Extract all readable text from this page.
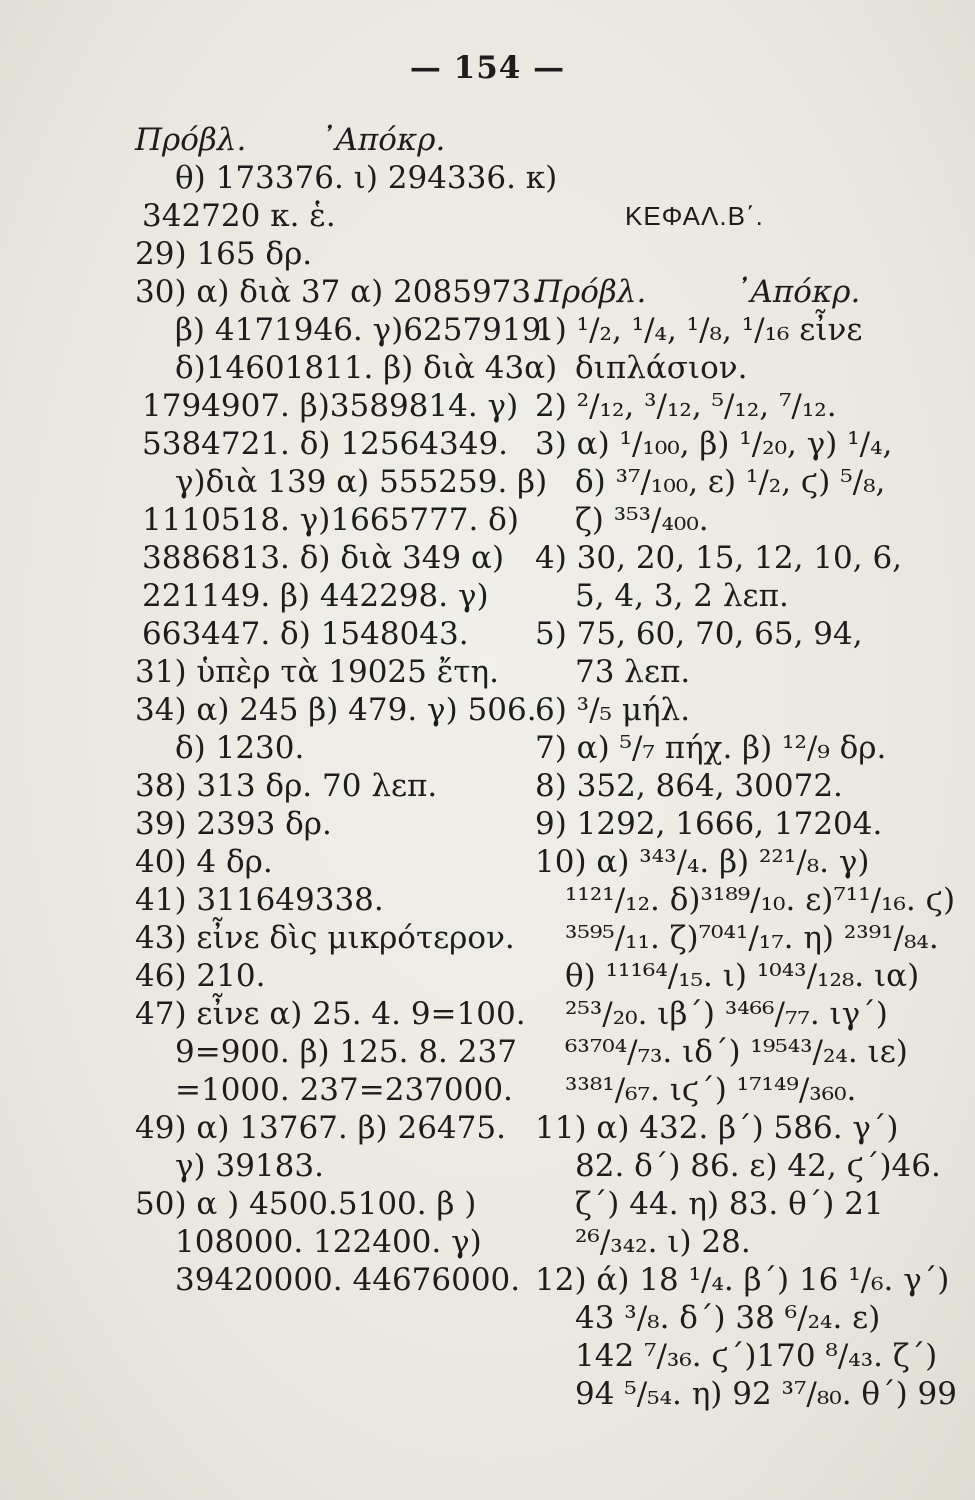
— 154 —
Πρόβλ. ᾿Απόκρ.
θ) 173376. ι) 294336. κ)
342720 κ. ἑ.
29) 165 δρ.
30) α) διὰ 37 α) 2085973.
β) 4171946. γ)6257919.
δ)14601811. β) διὰ 43α)
1794907. β)3589814. γ)
5384721. δ) 12564349.
γ)διὰ 139 α) 555259. β)
1110518. γ)1665777. δ)
3886813. δ) διὰ 349 α)
221149. β) 442298. γ)
663447. δ) 1548043.
31) ὑπὲρ τὰ 19025 ἔτη.
34) α) 245 β) 479. γ) 506.
δ) 1230.
38) 313 δρ. 70 λεπ.
39) 2393 δρ.
40) 4 δρ.
41) 311649338.
43) εἶνε δὶς μικρότερον.
46) 210.
47) εἶνε α) 25. 4. 9=100.
9=900. β) 125. 8. 237
=1000. 237=237000.
49) α) 13767. β) 26475.
γ) 39183.
50) α ) 4500.5100. β )
108000. 122400. γ)
39420000. 44676000.
ΚΕΦΑΛ.Β΄.
Πρόβλ.	᾿Απόκρ.
1) ¹/₂, ¹/₄, ¹/₈, ¹/₁₆ εἶνε
διπλάσιον.
2) ²/₁₂, ³/₁₂, ⁵/₁₂, ⁷/₁₂.
3) α) ¹/₁₀₀, β) ¹/₂₀, γ) ¹/₄,
δ) ³⁷/₁₀₀, ε) ¹/₂, ϛ) ⁵/₈,
ζ) ³⁵³/₄₀₀.
4) 30, 20, 15, 12, 10, 6,
5, 4, 3, 2 λεπ.
5) 75, 60, 70, 65, 94,
73 λεπ.
6) ³/₅ μήλ.
7) α) ⁵/₇ πήχ. β) ¹²/₉ δρ.
8) 352, 864, 30072.
9) 1292, 1666, 17204.
10) α) ³⁴³/₄. β) ²²¹/₈. γ)
¹¹²¹/₁₂. δ)³¹⁸⁹/₁₀. ε)⁷¹¹/₁₆. ϛ)
³⁵⁹⁵/₁₁. ζ)⁷⁰⁴¹/₁₇. η) ²³⁹¹/₈₄.
θ) ¹¹¹⁶⁴/₁₅. ι) ¹⁰⁴³/₁₂₈. ια)
²⁵³/₂₀. ιβ΄) ³⁴⁶⁶/₇₇. ιγ΄)
⁶³⁷⁰⁴/₇₃. ιδ΄) ¹⁹⁵⁴³/₂₄. ιε)
³³⁸¹/₆₇. ιϛ΄) ¹⁷¹⁴⁹/₃₆₀.
11) α) 432. β΄) 586. γ΄)
82. δ΄) 86. ε) 42, ϛ΄)46.
ζ΄) 44. η) 83. θ΄) 21
²⁶/₃₄₂. ι) 28.
12) ά) 18 ¹/₄. β΄) 16 ¹/₆. γ΄)
43 ³/₈. δ΄) 38 ⁶/₂₄. ε)
142 ⁷/₃₆. ϛ΄)170 ⁸/₄₃. ζ΄)
94 ⁵/₅₄. η) 92 ³⁷/₈₀. θ΄) 99
